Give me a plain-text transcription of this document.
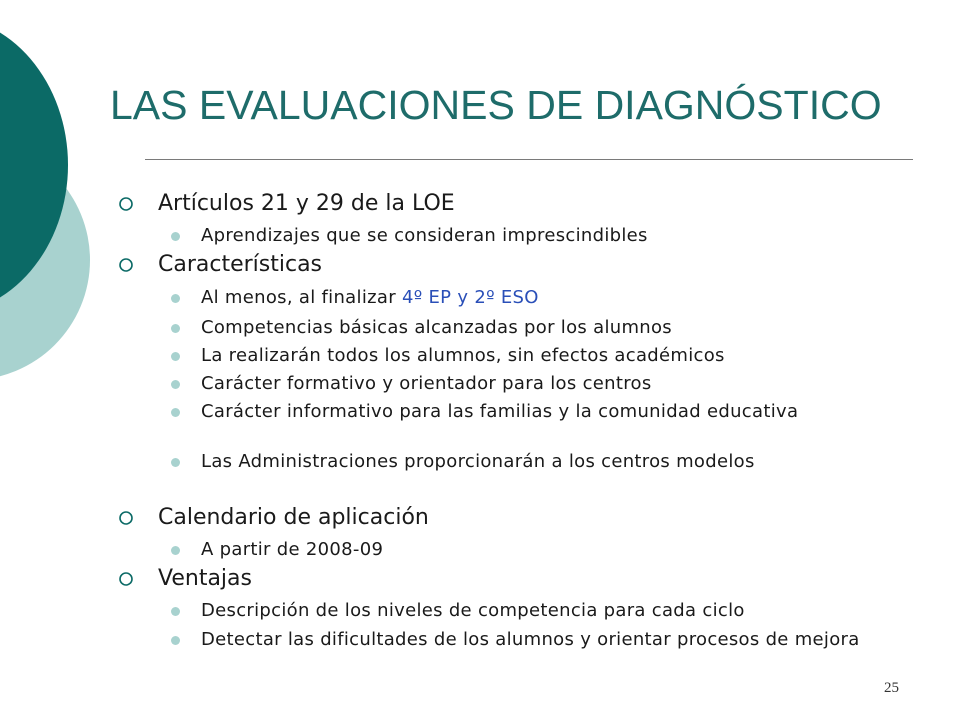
LAS EVALUACIONES DE DIAGNÓSTICO
Artículos 21 y 29 de la LOE
Aprendizajes que se consideran imprescindibles
Características
Al menos, al finalizar 4º EP y 2º ESO
Competencias básicas alcanzadas por los alumnos
La realizarán todos los alumnos, sin efectos académicos
Carácter formativo y orientador para los centros
Carácter informativo para las familias y la comunidad educativa
Las Administraciones proporcionarán a los centros modelos
Calendario de aplicación
A partir de 2008-09
Ventajas
Descripción de los niveles de competencia para cada ciclo
Detectar las dificultades de los alumnos y orientar procesos de mejora
25
